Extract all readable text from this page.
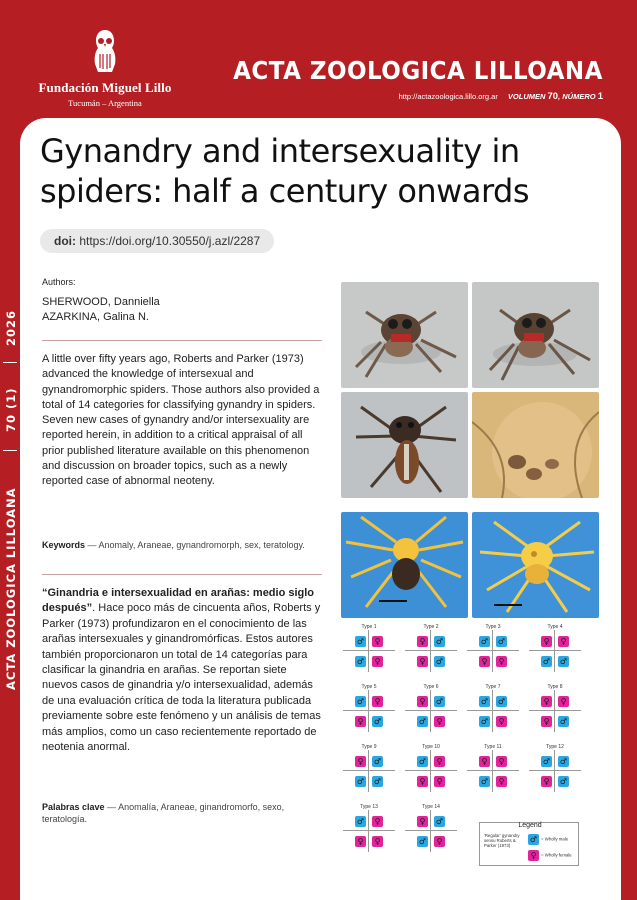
Fundación Miguel Lillo
Tucumán – Argentina
ACTA ZOOLOGICA LILLOANA
http://actazoologica.lillo.org.ar VOLUMEN 70, NÚMERO 1
2026
70 (1)
ACTA ZOOLOGICA LILLOANA
Gynandry and intersexuality in spiders: half a century onwards
doi: https://doi.org/10.30550/j.azl/2287
Authors:
SHERWOOD, Danniella
AZARKINA, Galina N.

A little over fifty years ago, Roberts and Parker (1973) advanced the knowledge of intersexual and gynandromorphic spiders. Those authors also provided a total of 14 categories for classifying gynandry in spiders. Seven new cases of gynandry and/or intersexuality are reported herein, in addition to a critical appraisal of all prior published literature available on this phenomenon and discussion on broader topics, such as a newly reported case of abnormal neoteny.

Keywords — Anomaly, Araneae, gynandromorph, sex, teratology.

“Ginandria e intersexualidad en arañas: medio siglo después”. Hace poco más de cincuenta años, Roberts y Parker (1973) profundizaron en el conocimiento de las arañas intersexuales y ginandromórficas. Estos autores también proporcionaron un total de 14 categorías para clasificar la ginandria en arañas. Se reportan siete nuevos casos de ginandria y/o intersexualidad, además de una evaluación crítica de toda la literatura publicada previamente sobre este fenómeno y un análisis de temas más amplios, como un caso recientemente reportado de neotenia anormal.

Palabras clave — Anomalía, Araneae, ginandromorfo, sexo, teratología.

Legend
'Regular' gynandry sensu Roberts & Parker (1973)
♂ = Wholly male
♀ = Wholly female
Type 1
♂	♀
♂	♀
Type 2
♀	♂
♀	♂
Type 3
♂ ♂
♀	♀
Type 4
♀	♀
♂ ♂
Type 5
♂	♀
♀	♂
Type 6
♀	♂
♂	♀
Type 7
♂ ♂
♂	♀
Type 8
♀	♀
♀	♂
Type 9
♀	♂
♂ ♂
Type 10
♂	♀
♀	♀
Type 11
♀	♀
♂	♀
Type 12
♂ ♂
♀	♂
Type 13
♂	♀
♀	♀
Type 14
♀	♂
♂	♀
